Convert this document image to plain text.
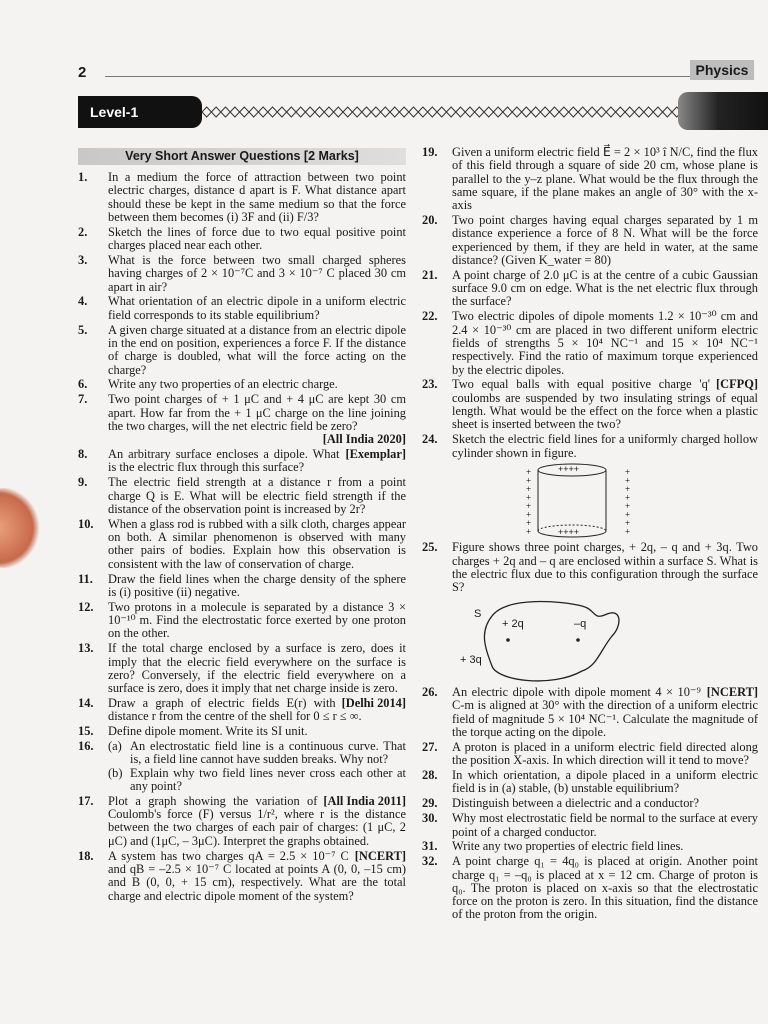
2	Physics
Level-1
Very Short Answer Questions [2 Marks]
1.	In a medium the force of attraction between two point electric charges, distance d apart is F. What distance apart should these be kept in the same medium so that the force between them becomes (i) 3F and (ii) F/3?
2.	Sketch the lines of force due to two equal positive point charges placed near each other.
3.	What is the force between two small charged spheres having charges of 2 × 10⁻⁷C and 3 × 10⁻⁷ C placed 30 cm apart in air?
4.	What orientation of an electric dipole in a uniform electric field corresponds to its stable equilibrium?
5.	A given charge situated at a distance from an electric dipole in the end on position, experiences a force F. If the distance of charge is doubled, what will the force acting on the charge?
6.	Write any two properties of an electric charge.
7.	Two point charges of + 1 μC and + 4 μC are kept 30 cm apart. How far from the + 1 μC charge on the line joining the two charges, will the net electric field be zero?
[All India 2020]
8.	[Exemplar]
An arbitrary surface encloses a dipole. What is the electric flux through this surface?
9.	The electric field strength at a distance r from a point charge Q is E. What will be electric field strength if the distance of the observation point is increased by 2r?
10.	When a glass rod is rubbed with a silk cloth, charges appear on both. A similar phenomenon is observed with many other pairs of bodies. Explain how this observation is consistent with the law of conservation of charge.
11.	Draw the field lines when the charge density of the sphere is (i) positive (ii) negative.
12.	Two protons in a molecule is separated by a distance 3 × 10⁻¹⁰ m. Find the electrostatic force exerted by one proton on the other.
13.	If the total charge enclosed by a surface is zero, does it imply that the elecric field everywhere on the surface is zero? Conversely, if the electric field everywhere on a surface is zero, does it imply that net charge inside is zero.
14.	[Delhi 2014]
Draw a graph of electric fields E(r) with distance r from the centre of the shell for 0 ≤ r ≤ ∞.
15.	Define dipole moment. Write its SI unit.
16.	(a) An electrostatic field line is a continuous curve. That is, a field line cannot have sudden breaks. Why not?
(b) Explain why two field lines never cross each other at any point?
17.	[All India 2011]
Plot a graph showing the variation of Coulomb's force (F) versus 1/r², where r is the distance between the two charges of each pair of charges: (1 μC, 2 μC) and (1μC, – 3μC). Interpret the graphs obtained.
18.	[NCERT]
A system has two charges qA = 2.5 × 10⁻⁷ C and qB = –2.5 × 10⁻⁷ C located at points A (0, 0, –15 cm) and B (0, 0, + 15 cm), respectively. What are the total charge and electric dipole moment of the system?
19.	Given a uniform electric field E⃗ = 2 × 10³ î N/C, find the flux of this field through a square of side 20 cm, whose plane is parallel to the y–z plane. What would be the flux through the same square, if the plane makes an angle of 30° with the x-axis
20.	Two point charges having equal charges separated by 1 m distance experience a force of 8 N. What will be the force experienced by them, if they are held in water, at the same distance? (Given K_water = 80)
21.	A point charge of 2.0 μC is at the centre of a cubic Gaussian surface 9.0 cm on edge. What is the net electric flux through the surface?
22.	Two electric dipoles of dipole moments 1.2 × 10⁻³⁰ cm and 2.4 × 10⁻³⁰ cm are placed in two different uniform electric fields of strengths 5 × 10⁴ NC⁻¹ and 15 × 10⁴ NC⁻¹ respectively. Find the ratio of maximum torque experienced by the electric dipoles.
23.	[CFPQ]
Two equal balls with equal positive charge 'q' coulombs are suspended by two insulating strings of equal length. What would be the effect on the force when a plastic sheet is inserted between the two?
24.	Sketch the electric field lines for a uniformly charged hollow cylinder shown in figure.
+	+
+	+
+	+
+	+
+	+
+	+
+	+
+	+
++++
++++
25.	Figure shows three point charges, + 2q, – q and + 3q. Two charges + 2q and – q are enclosed within a surface S. What is the electric flux due to this configuration through the surface S?
S
+ 2q	–q
+ 3q
26.	[NCERT]
An electric dipole with dipole moment 4 × 10⁻⁹ C-m is aligned at 30° with the direction of a uniform electric field of magnitude 5 × 10⁴ NC⁻¹. Calculate the magnitude of the torque acting on the dipole.
27.	A proton is placed in a uniform electric field directed along the position X-axis. In which direction will it tend to move?
28.	In which orientation, a dipole placed in a uniform electric field is in (a) stable, (b) unstable equilibrium?
29.	Distinguish between a dielectric and a conductor?
30.	Why most electrostatic field be normal to the surface at every point of a charged conductor.
31.	Write any two properties of electric field lines.
32.	A point charge q₁ = 4q₀ is placed at origin. Another point charge q₁ = –q₀ is placed at x = 12 cm. Charge of proton is q₀. The proton is placed on x-axis so that the electrostatic force on the proton is zero. In this situation, find the distance of the proton from the origin.
